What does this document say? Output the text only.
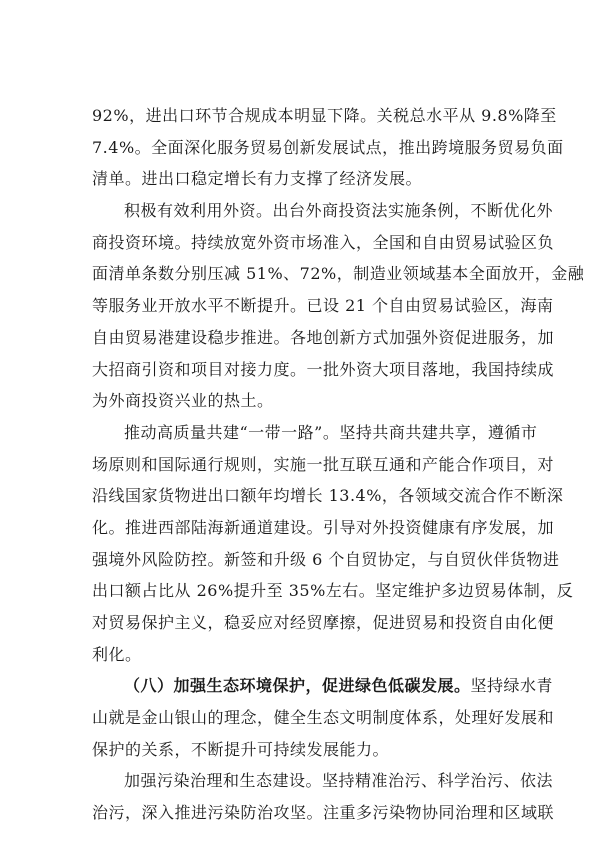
92%，进出口环节合规成本明显下降。关税总水平从 9.8%降至
7.4%。全面深化服务贸易创新发展试点，推出跨境服务贸易负面
清单。进出口稳定增长有力支撑了经济发展。
积极有效利用外资。出台外商投资法实施条例，不断优化外
商投资环境。持续放宽外资市场准入，全国和自由贸易试验区负
面清单条数分别压减 51%、72%，制造业领域基本全面放开，金融
等服务业开放水平不断提升。已设 21 个自由贸易试验区，海南
自由贸易港建设稳步推进。各地创新方式加强外资促进服务，加
大招商引资和项目对接力度。一批外资大项目落地，我国持续成
为外商投资兴业的热土。
推动高质量共建“一带一路”。坚持共商共建共享，遵循市
场原则和国际通行规则，实施一批互联互通和产能合作项目，对
沿线国家货物进出口额年均增长 13.4%，各领域交流合作不断深
化。推进西部陆海新通道建设。引导对外投资健康有序发展，加
强境外风险防控。新签和升级 6 个自贸协定，与自贸伙伴货物进
出口额占比从 26%提升至 35%左右。坚定维护多边贸易体制，反
对贸易保护主义，稳妥应对经贸摩擦，促进贸易和投资自由化便
利化。
（八）加强生态环境保护，促进绿色低碳发展。坚持绿水青
山就是金山银山的理念，健全生态文明制度体系，处理好发展和
保护的关系，不断提升可持续发展能力。
加强污染治理和生态建设。坚持精准治污、科学治污、依法
治污，深入推进污染防治攻坚。注重多污染物协同治理和区域联
